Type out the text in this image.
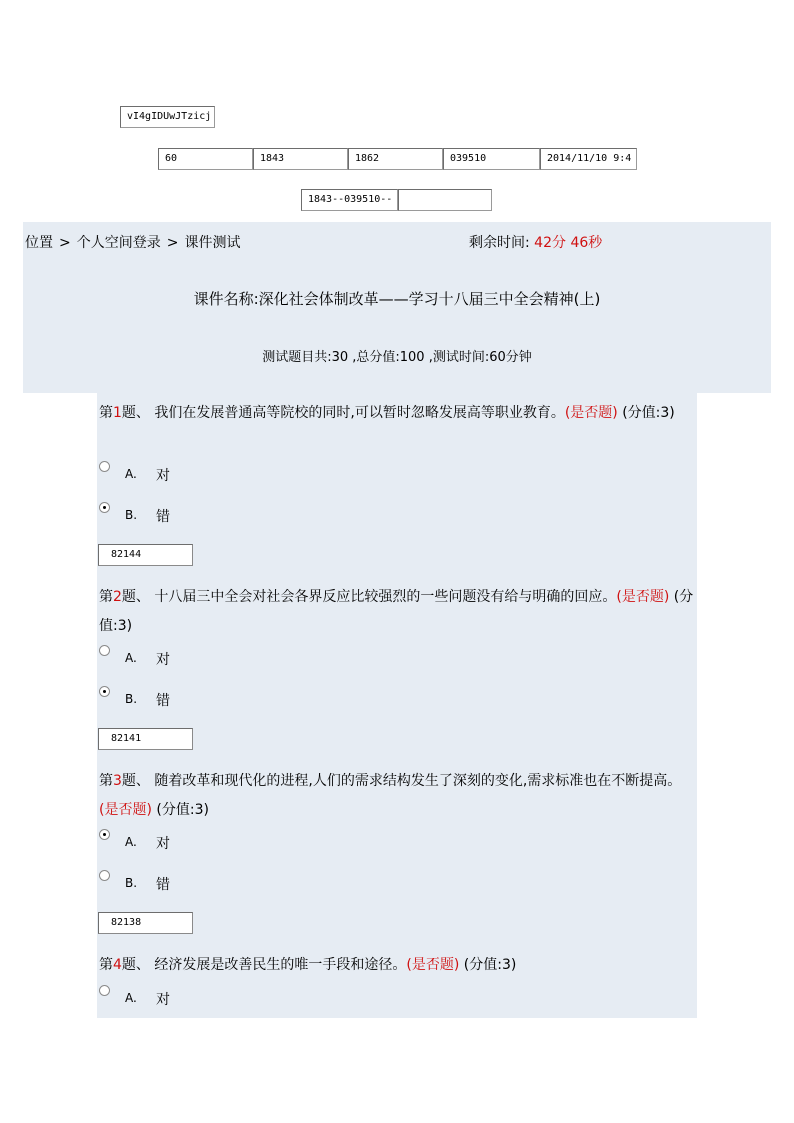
vI4gIDUwJTzicj
60	1843	1862	039510	2014/11/10 9:4
1843--039510--
位置 > 个人空间登录 > 课件测试	剩余时间: 42分 46秒
课件名称:深化社会体制改革——学习十八届三中全会精神(上)
测试题目共:30 ,总分值:100 ,测试时间:60分钟
第1题、 我们在发展普通高等院校的同时,可以暂时忽略发展高等职业教育。(是否题) (分值:3)
A.	对
B.	错
82144
第2题、 十八届三中全会对社会各界反应比较强烈的一些问题没有给与明确的回应。(是否题) (分值:3)
A.	对
B.	错
82141
第3题、 随着改革和现代化的进程,人们的需求结构发生了深刻的变化,需求标准也在不断提高。(是否题) (分值:3)
A.	对
B.	错
82138
第4题、 经济发展是改善民生的唯一手段和途径。(是否题) (分值:3)
A.	对
